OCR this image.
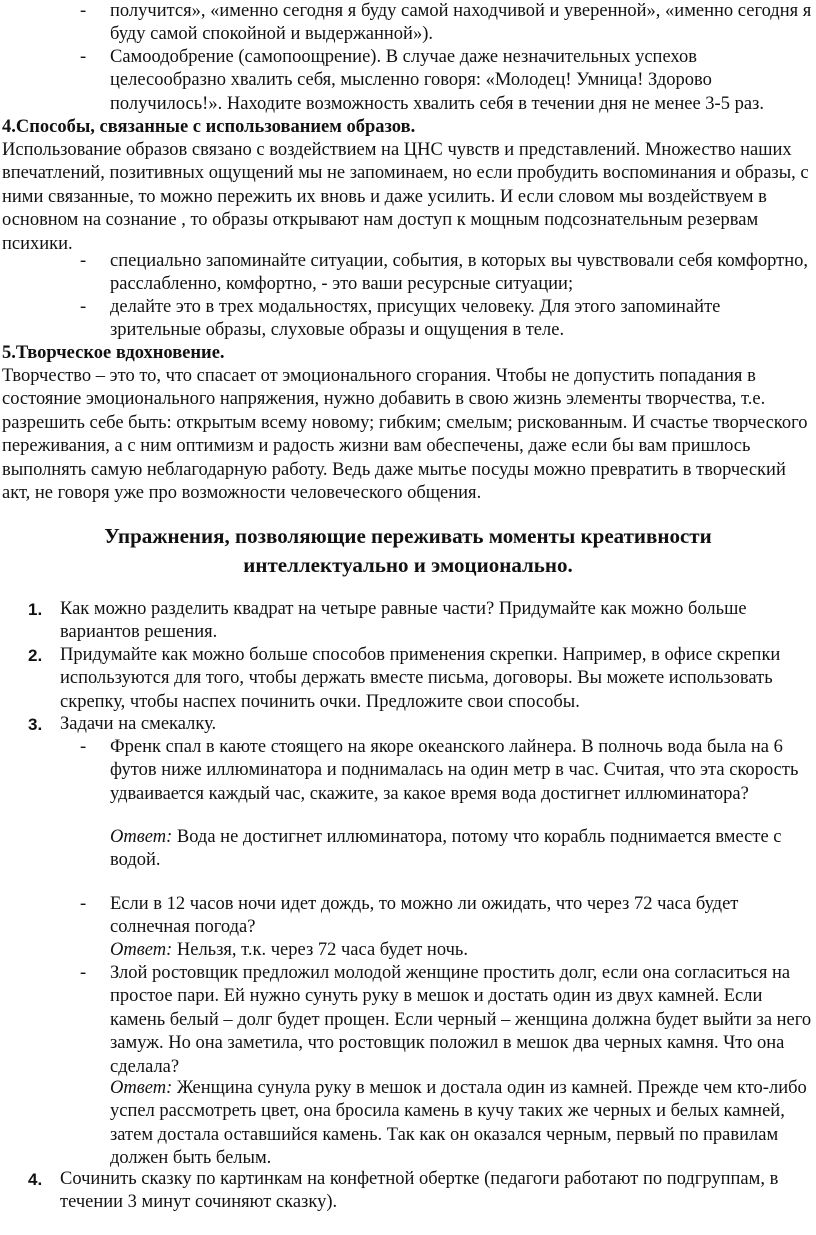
- получится», «именно сегодня я буду самой находчивой и уверенной», «именно сегодня я буду самой спокойной и выдержанной»).
- Самоодобрение (самопоощрение). В случае даже незначительных успехов целесообразно хвалить себя, мысленно говоря: «Молодец! Умница! Здорово получилось!». Находите возможность хвалить себя в течении дня не менее 3-5 раз.
4.Способы, связанные с использованием образов.
Использование образов связано с воздействием на ЦНС чувств и представлений. Множество наших впечатлений, позитивных ощущений мы не запоминаем, но если пробудить воспоминания и образы, с ними связанные, то можно пережить их вновь и даже усилить. И если словом мы воздействуем в основном на сознание , то образы открывают нам доступ к мощным подсознательным резервам психики.
- специально запоминайте ситуации, события, в которых вы чувствовали себя комфортно, расслабленно, комфортно, - это ваши ресурсные ситуации;
- делайте это в трех модальностях, присущих человеку. Для этого запоминайте зрительные образы, слуховые образы и ощущения в теле.
5.Творческое вдохновение.
Творчество – это то, что спасает от эмоционального сгорания. Чтобы не допустить попадания в состояние эмоционального напряжения, нужно добавить в свою жизнь элементы творчества, т.е. разрешить себе быть: открытым всему новому; гибким; смелым; рискованным. И счастье творческого переживания, а с ним оптимизм и радость жизни вам обеспечены, даже если бы вам пришлось выполнять самую неблагодарную работу. Ведь даже мытье посуды можно превратить в творческий акт, не говоря уже про возможности человеческого общения.
Упражнения, позволяющие переживать моменты креативности
интеллектуально и эмоционально.
1. Как можно разделить квадрат на четыре равные части? Придумайте как можно больше вариантов решения.
2. Придумайте как можно больше способов применения скрепки. Например, в офисе скрепки используются для того, чтобы держать вместе письма, договоры. Вы можете использовать скрепку, чтобы наспех починить очки. Предложите свои способы.
3. Задачи на смекалку.
- Френк спал в каюте стоящего на якоре океанского лайнера. В полночь вода была на 6 футов ниже иллюминатора и поднималась на один метр в час. Считая, что эта скорость удваивается каждый час, скажите, за какое время вода достигнет иллюминатора?
Ответ: Вода не достигнет иллюминатора, потому что корабль поднимается вместе с водой.
- Если в 12 часов ночи идет дождь, то можно ли ожидать, что через 72 часа будет солнечная погода?
Ответ: Нельзя, т.к. через 72 часа будет ночь.
- Злой ростовщик предложил молодой женщине простить долг, если она согласиться на простое пари. Ей нужно сунуть руку в мешок и достать один из двух камней. Если камень белый – долг будет прощен. Если черный – женщина должна будет выйти за него замуж. Но она заметила, что ростовщик положил в мешок два черных камня. Что она сделала?
Ответ: Женщина сунула руку в мешок и достала один из камней. Прежде чем кто-либо успел рассмотреть цвет, она бросила камень в кучу таких же черных и белых камней, затем достала оставшийся камень. Так как он оказался черным, первый по правилам должен быть белым.
4. Сочинить сказку по картинкам на конфетной обертке (педагоги работают по подгруппам, в течении 3 минут сочиняют сказку).
